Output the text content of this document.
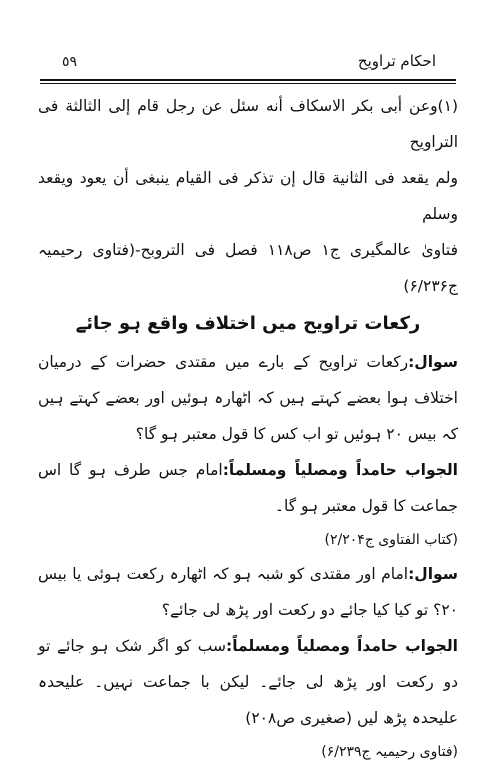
٥٩	احکام تراویح

(۱)وعن أبى بكر الاسكاف أنه سئل عن رجل قام إلى الثالثة فى التراويح
ولم يقعد فى الثانية قال إن تذكر فى القيام ينبغى أن يعود ويقعد وسلم
فتاویٰ عالمگیری ج۱ ص۱۱۸ فصل فى التروبح-(فتاوی رحیمیہ ج۶/۲۳۶)

رکعات تراویح میں اختلاف واقع ہو جائے

سوال:رکعات تراویح کے بارے میں مقتدی حضرات کے درمیان اختلاف ہوا بعضے کہتے ہیں کہ اٹھارہ ہوئیں اور بعضے کہتے ہیں کہ بیس ۲۰ ہوئیں تو اب کس کا قول معتبر ہو گا؟

الجواب حامداً ومصلیاً ومسلماً:امام جس طرف ہو گا اس جماعت کا قول معتبر ہو گا۔

(کتاب الفتاوی ج۲/۲۰۴)

سوال:امام اور مقتدی کو شبہ ہو کہ اٹھارہ رکعت ہوئی یا بیس ۲۰؟ تو کیا کیا جائے دو رکعت اور پڑھ لی جائے؟

الجواب حامداً ومصلیاً ومسلماً:سب کو اگر شک ہو جائے تو دو رکعت اور پڑھ لی جائے۔ لیکن با جماعت نہیں۔ علیحدہ علیحدہ پڑھ لیں (صغیری ص۲۰۸)

(فتاوی رحیمیہ ج۶/۲۳۹)
